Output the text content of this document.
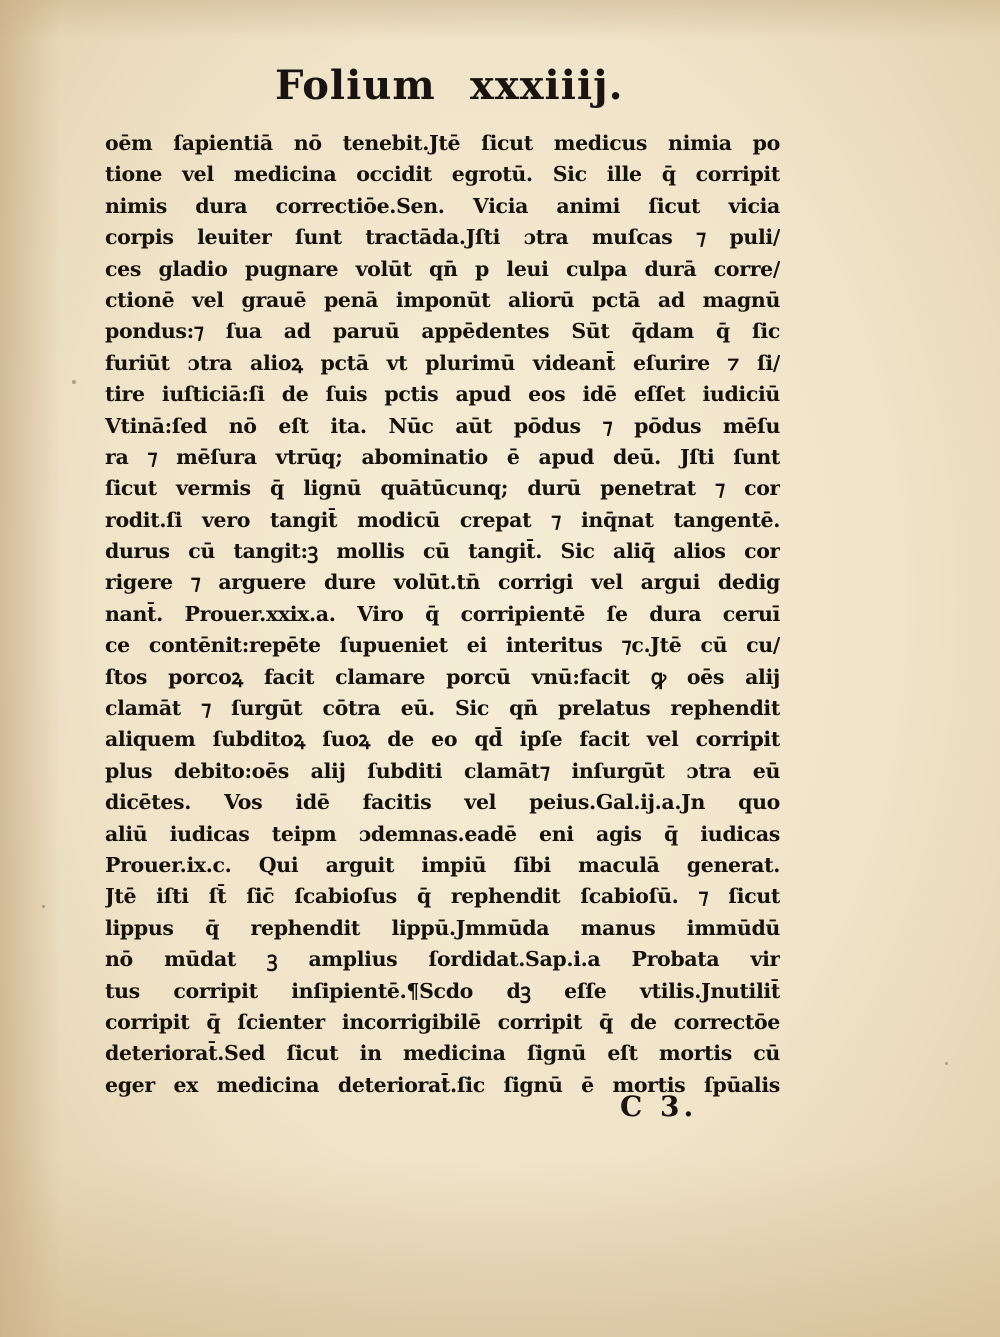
Folium xxxiiij.
oēm ſapientiā nō tenebit.Jtē ſicut medicus nimia po
tione vel medicina occidit egrotū. Sic ille q̄ corripit
nimis dura correctiōe.Sen. Vicia animi ſicut vicia
corpis leuiter ſunt tractāda.Jſti ɔtra muſcas ⁊ puli/
ces gladio pugnare volūt qn̄ p leui culpa durā corre/
ctionē vel grauē penā imponūt aliorū pctā ad magnū
pondus:⁊ ſua ad paruū appēdentes Sūt q̄dam q̄ ſic
furiūt ɔtra alioꝝ pctā vt plurimū videant̄ eſurire ⁊ ſi/
tire iuſticiā:ſi de ſuis pctis apud eos idē eſſet iudiciū
Vtinā:ſed nō eſt ita. Nūc aūt pōdus ⁊ pōdus mēſu
ra ⁊ mēſura vtrūq; abominatio ē apud deū. Jſti ſunt
ſicut vermis q̄ lignū quātūcunq; durū penetrat ⁊ cor
rodit.ſi vero tangit̄ modicū crepat ⁊ inq̄nat tangentē.
durus cū tangit:ꝫ mollis cū tangit̄. Sic aliq̄ alios cor
rigere ⁊ arguere dure volūt.tn̄ corrigi vel argui dedig
nant̄. Prouer.xxix.a. Viro q̄ corripientē ſe dura ceruī
ce contēnit:repēte ſupueniet ei interitus ⁊c.Jtē cū cu/
ſtos porcoꝝ facit clamare porcū vnū:facit ꝙ oēs alij
clamāt ⁊ ſurgūt cōtra eū. Sic qn̄ prelatus rephendit
aliquem ſubditoꝝ ſuoꝝ de eo qd̄ ipſe facit vel corripit
plus debito:oēs alij ſubditi clamāt⁊ inſurgūt ɔtra eū
dicētes. Vos idē facitis vel peius.Gal.ij.a.Jn quo
aliū iudicas teipm ɔdemnas.eadē eni agis q̄ iudicas
Prouer.ix.c. Qui arguit impiū ſibi maculā generat.
Jtē iſti ſt̄ ſic̄ ſcabioſus q̄ rephendit ſcabioſū. ⁊ ſicut
lippus q̄ rephendit lippū.Jmmūda manus immūdū
nō mūdat ꝫ amplius ſordidat.Sap.i.a Probata vir
tus corripit inſipientē.¶Scdo dꝫ eſſe vtilis.Jnutilit̄
corripit q̄ ſcienter incorrigibilē corripit q̄ de correctōe
deteriorat̄.Sed ſicut in medicina ſignū eſt mortis cū
eger ex medicina deteriorat̄.ſic ſignū ē mortis ſpūalis
C 3.
